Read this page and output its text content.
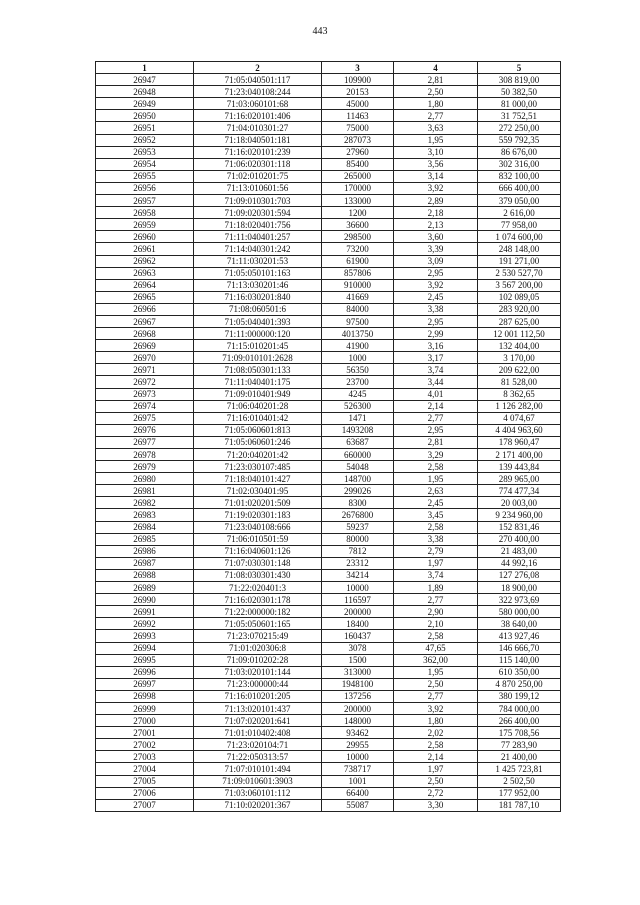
443
1	2	3	4	5
26947	71:05:040501:117	109900	2,81	308 819,00
26948	71:23:040108:244	20153	2,50	50 382,50
26949	71:03:060101:68	45000	1,80	81 000,00
26950	71:16:020101:406	11463	2,77	31 752,51
26951	71:04:010301:27	75000	3,63	272 250,00
26952	71:18:040501:181	287073	1,95	559 792,35
26953	71:16:020101:239	27960	3,10	86 676,00
26954	71:06:020301:118	85400	3,56	302 316,00
26955	71:02:010201:75	265000	3,14	832 100,00
26956	71:13:010601:56	170000	3,92	666 400,00
26957	71:09:010301:703	133000	2,89	379 050,00
26958	71:09:020301:594	1200	2,18	2 616,00
26959	71:18:020401:756	36600	2,13	77 958,00
26960	71:11:040401:257	298500	3,60	1 074 600,00
26961	71:14:040301:242	73200	3,39	248 148,00
26962	71:11:030201:53	61900	3,09	191 271,00
26963	71:05:050101:163	857806	2,95	2 530 527,70
26964	71:13:030201:46	910000	3,92	3 567 200,00
26965	71:16:030201:840	41669	2,45	102 089,05
26966	71:08:060501:6	84000	3,38	283 920,00
26967	71:05:040401:393	97500	2,95	287 625,00
26968	71:11:000000:120	4013750	2,99	12 001 112,50
26969	71:15:010201:45	41900	3,16	132 404,00
26970	71:09:010101:2628	1000	3,17	3 170,00
26971	71:08:050301:133	56350	3,74	209 622,00
26972	71:11:040401:175	23700	3,44	81 528,00
26973	71:09:010401:949	4245	4,01	8 362,65
26974	71:06:040201:28	526300	2,14	1 126 282,00
26975	71:16:010401:42	1471	2,77	4 074,67
26976	71:05:060601:813	1493208	2,95	4 404 963,60
26977	71:05:060601:246	63687	2,81	178 960,47
26978	71:20:040201:42	660000	3,29	2 171 400,00
26979	71:23:030107:485	54048	2,58	139 443,84
26980	71:18:040101:427	148700	1,95	289 965,00
26981	71:02:030401:95	299026	2,63	774 477,34
26982	71:01:020201:509	8300	2,45	20 003,00
26983	71:19:020301:183	2676800	3,45	9 234 960,00
26984	71:23:040108:666	59237	2,58	152 831,46
26985	71:06:010501:59	80000	3,38	270 400,00
26986	71:16:040601:126	7812	2,79	21 483,00
26987	71:07:030301:148	23312	1,97	44 992,16
26988	71:08:030301:430	34214	3,74	127 276,08
26989	71:22:020401:3	10000	1,89	18 900,00
26990	71:16:020301:178	116597	2,77	322 973,69
26991	71:22:000000:182	200000	2,90	580 000,00
26992	71:05:050601:165	18400	2,10	38 640,00
26993	71:23:070215:49	160437	2,58	413 927,46
26994	71:01:020306:8	3078	47,65	146 666,70
26995	71:09:010202:28	1500	362,00	115 140,00
26996	71:03:020101:144	313000	1,95	610 350,00
26997	71:23:000000:44	1948100	2,50	4 870 250,00
26998	71:16:010201:205	137256	2,77	380 199,12
26999	71:13:020101:437	200000	3,92	784 000,00
27000	71:07:020201:641	148000	1,80	266 400,00
27001	71:01:010402:408	93462	2,02	175 708,56
27002	71:23:020104:71	29955	2,58	77 283,90
27003	71:22:050313:57	10000	2,14	21 400,00
27004	71:07:010101:494	738717	1,97	1 425 723,81
27005	71:09:010601:3903	1001	2,50	2 502,50
27006	71:03:060101:112	66400	2,72	177 952,00
27007	71:10:020201:367	55087	3,30	181 787,10
